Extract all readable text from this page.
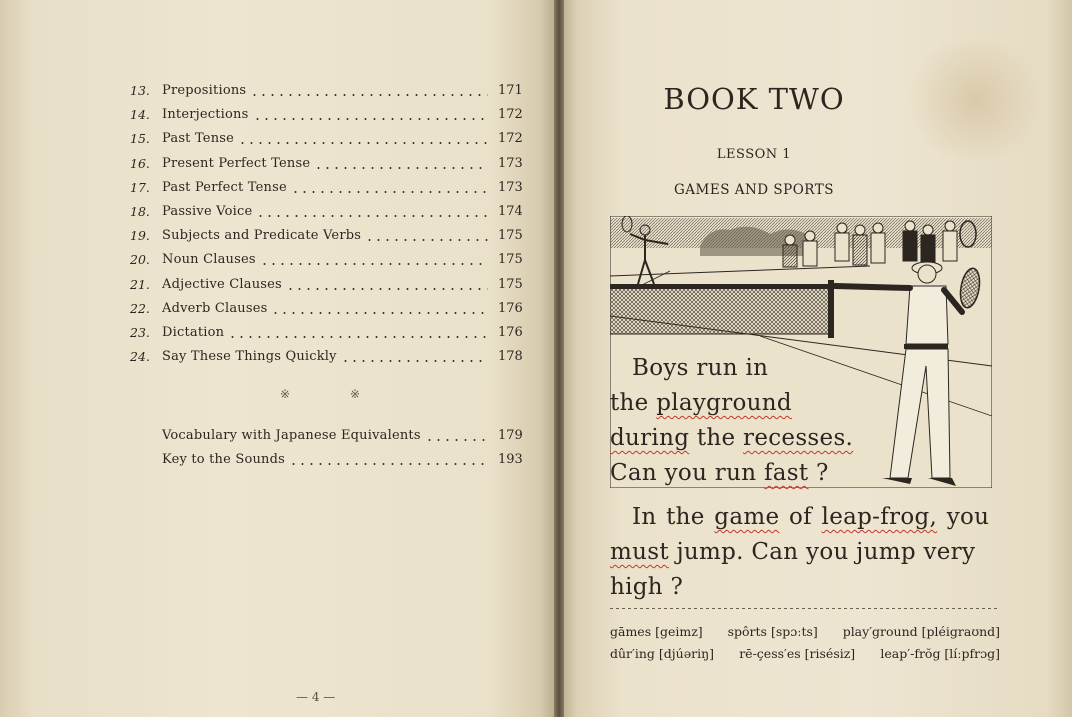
13. Prepositions	171
14. Interjections	172
15. Past Tense	172
16. Present Perfect Tense	173
17. Past Perfect Tense	173
18. Passive Voice	174
19. Subjects and Predicate Verbs	175
20. Noun Clauses	175
21. Adjective Clauses	175
22. Adverb Clauses	176
23. Dictation	176
24. Say These Things Quickly	178
※	※
Vocabulary with Japanese Equivalents	179
Key to the Sounds	193
— 4 —
BOOK TWO
LESSON 1
GAMES AND SPORTS
Boys run in
the playground
during the recesses.
Can you run fast ?
In the game of leap-frog, you
must jump. Can you jump very
high ?
gāmes [geimz] spôrts [spɔːts] play′ground [pléigraʊnd]
dûr′ing [djúəriŋ] rē-çess′es [risésiz] leap′-frŏg [líːpfrɔg]
